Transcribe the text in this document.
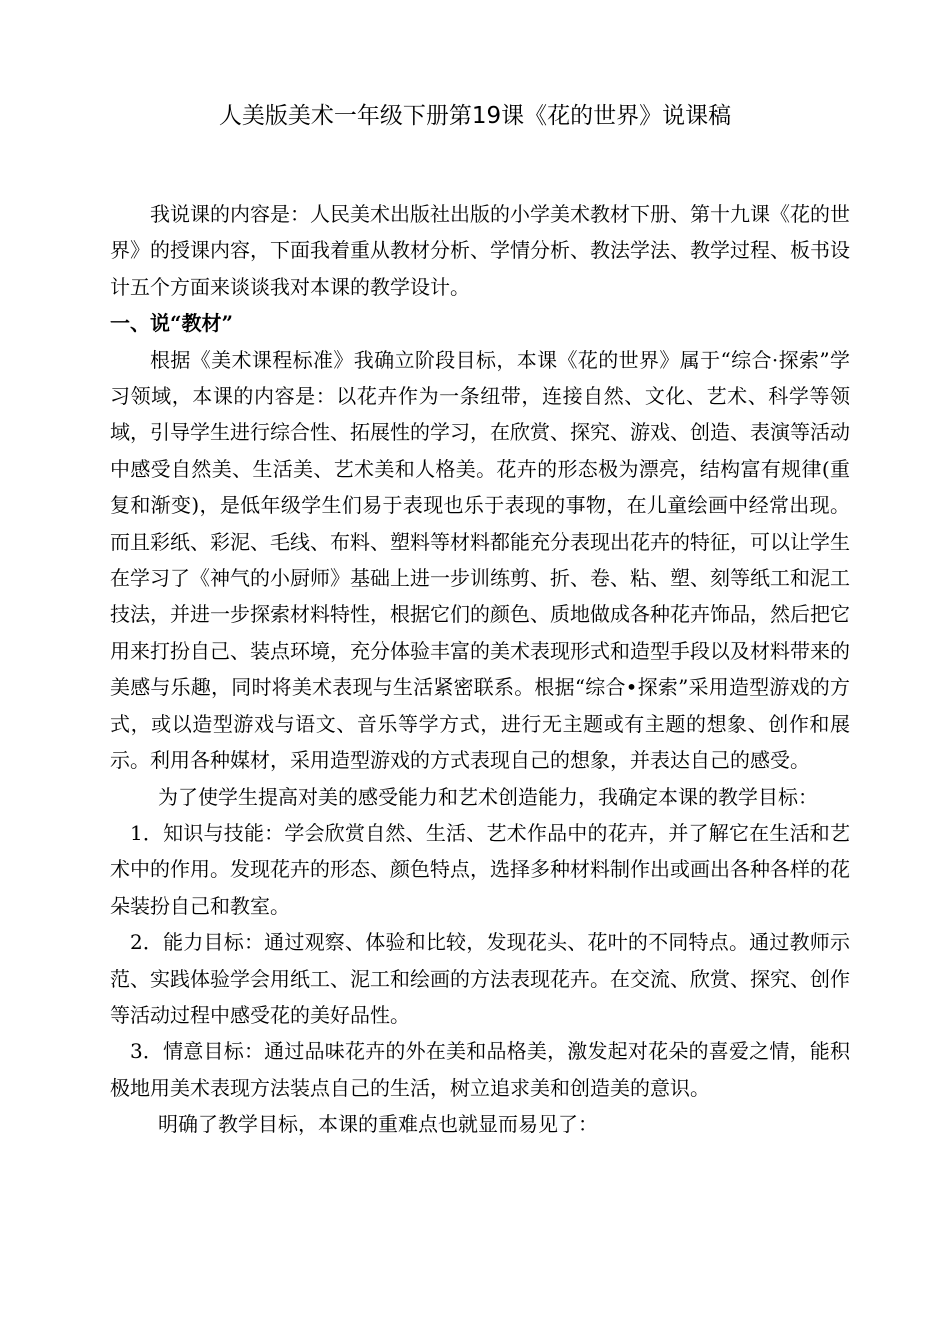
人美版美术一年级下册第19课《花的世界》说课稿

我说课的内容是：人民美术出版社出版的小学美术教材下册、第十九课《花的世界》的授课内容，下面我着重从教材分析、学情分析、教法学法、教学过程、板书设计五个方面来谈谈我对本课的教学设计。

一、说“教材”

根据《美术课程标准》我确立阶段目标，本课《花的世界》属于“综合·探索”学习领域，本课的内容是：以花卉作为一条纽带，连接自然、文化、艺术、科学等领域，引导学生进行综合性、拓展性的学习，在欣赏、探究、游戏、创造、表演等活动中感受自然美、生活美、艺术美和人格美。花卉的形态极为漂亮，结构富有规律(重复和渐变)，是低年级学生们易于表现也乐于表现的事物，在儿童绘画中经常出现。而且彩纸、彩泥、毛线、布料、塑料等材料都能充分表现出花卉的特征，可以让学生在学习了《神气的小厨师》基础上进一步训练剪、折、卷、粘、塑、刻等纸工和泥工技法，并进一步探索材料特性，根据它们的颜色、质地做成各种花卉饰品，然后把它用来打扮自己、装点环境，充分体验丰富的美术表现形式和造型手段以及材料带来的美感与乐趣，同时将美术表现与生活紧密联系。根据“综合•探索”采用造型游戏的方式，或以造型游戏与语文、音乐等学方式，进行无主题或有主题的想象、创作和展示。利用各种媒材，采用造型游戏的方式表现自己的想象，并表达自己的感受。

为了使学生提高对美的感受能力和艺术创造能力，我确定本课的教学目标：

1．知识与技能：学会欣赏自然、生活、艺术作品中的花卉，并了解它在生活和艺术中的作用。发现花卉的形态、颜色特点，选择多种材料制作出或画出各种各样的花朵装扮自己和教室。

2．能力目标：通过观察、体验和比较，发现花头、花叶的不同特点。通过教师示范、实践体验学会用纸工、泥工和绘画的方法表现花卉。在交流、欣赏、探究、创作等活动过程中感受花的美好品性。

3．情意目标：通过品味花卉的外在美和品格美，激发起对花朵的喜爱之情，能积极地用美术表现方法装点自己的生活，树立追求美和创造美的意识。

明确了教学目标，本课的重难点也就显而易见了：
